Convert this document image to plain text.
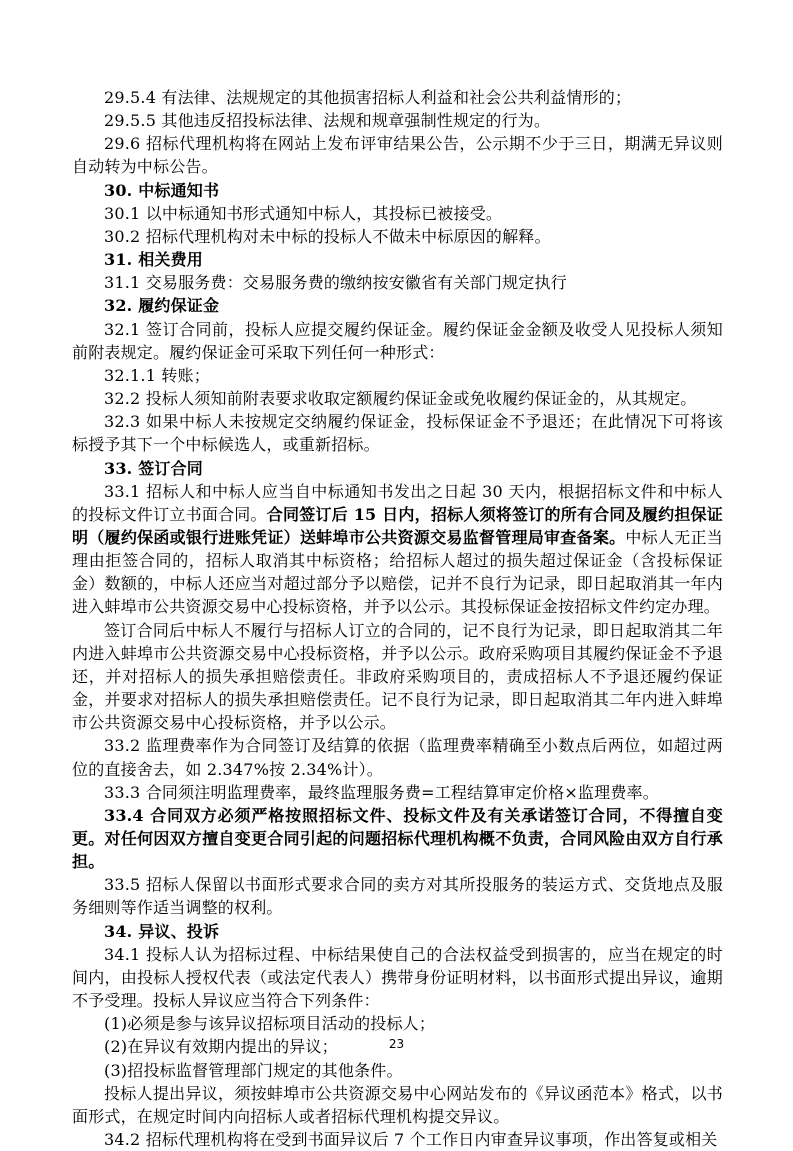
29.5.4 有法律、法规规定的其他损害招标人利益和社会公共利益情形的；

29.5.5 其他违反招投标法律、法规和规章强制性规定的行为。

29.6 招标代理机构将在网站上发布评审结果公告，公示期不少于三日，期满无异议则自动转为中标公告。

30. 中标通知书

30.1 以中标通知书形式通知中标人，其投标已被接受。

30.2 招标代理机构对未中标的投标人不做未中标原因的解释。

31. 相关费用

31.1 交易服务费：交易服务费的缴纳按安徽省有关部门规定执行

32. 履约保证金

32.1 签订合同前，投标人应提交履约保证金。履约保证金金额及收受人见投标人须知前附表规定。履约保证金可采取下列任何一种形式：

32.1.1 转账；

32.2 投标人须知前附表要求收取定额履约保证金或免收履约保证金的，从其规定。

32.3 如果中标人未按规定交纳履约保证金，投标保证金不予退还；在此情况下可将该标授予其下一个中标候选人，或重新招标。

33. 签订合同

33.1 招标人和中标人应当自中标通知书发出之日起 30 天内，根据招标文件和中标人的投标文件订立书面合同。合同签订后 15 日内，招标人须将签订的所有合同及履约担保证明（履约保函或银行进账凭证）送蚌埠市公共资源交易监督管理局审查备案。中标人无正当理由拒签合同的，招标人取消其中标资格；给招标人超过的损失超过保证金（含投标保证金）数额的，中标人还应当对超过部分予以赔偿，记并不良行为记录，即日起取消其一年内进入蚌埠市公共资源交易中心投标资格，并予以公示。其投标保证金按招标文件约定办理。

签订合同后中标人不履行与招标人订立的合同的，记不良行为记录，即日起取消其二年内进入蚌埠市公共资源交易中心投标资格，并予以公示。政府采购项目其履约保证金不予退还，并对招标人的损失承担赔偿责任。非政府采购项目的，责成招标人不予退还履约保证金，并要求对招标人的损失承担赔偿责任。记不良行为记录，即日起取消其二年内进入蚌埠市公共资源交易中心投标资格，并予以公示。

33.2 监理费率作为合同签订及结算的依据（监理费率精确至小数点后两位，如超过两位的直接舍去，如 2.347%按 2.34%计）。

33.3 合同须注明监理费率，最终监理服务费=工程结算审定价格×监理费率。

33.4 合同双方必须严格按照招标文件、投标文件及有关承诺签订合同，不得擅自变更。对任何因双方擅自变更合同引起的问题招标代理机构概不负责，合同风险由双方自行承担。

33.5 招标人保留以书面形式要求合同的卖方对其所投服务的装运方式、交货地点及服务细则等作适当调整的权利。

34. 异议、投诉

34.1 投标人认为招标过程、中标结果使自己的合法权益受到损害的，应当在规定的时间内，由投标人授权代表（或法定代表人）携带身份证明材料，以书面形式提出异议，逾期不予受理。投标人异议应当符合下列条件：

(1)必须是参与该异议招标项目活动的投标人；

(2)在异议有效期内提出的异议；

(3)招投标监督管理部门规定的其他条件。

投标人提出异议，须按蚌埠市公共资源交易中心网站发布的《异议函范本》格式，以书面形式，在规定时间内向招标人或者招标代理机构提交异议。

34.2 招标代理机构将在受到书面异议后 7 个工作日内审查异议事项，作出答复或相关

23
